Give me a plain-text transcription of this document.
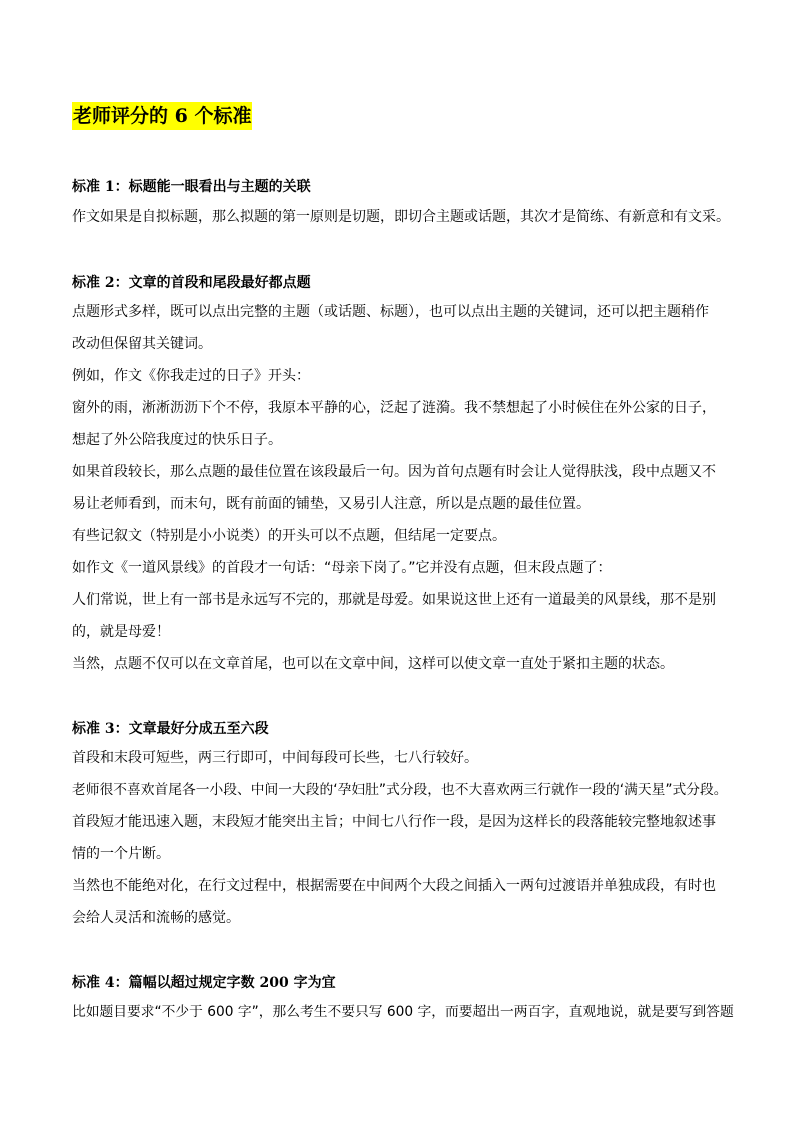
老师评分的 6 个标准
标准 1：标题能一眼看出与主题的关联
作文如果是自拟标题，那么拟题的第一原则是切题，即切合主题或话题，其次才是简练、有新意和有文采。
标准 2：文章的首段和尾段最好都点题
点题形式多样，既可以点出完整的主题（或话题、标题），也可以点出主题的关键词，还可以把主题稍作
改动但保留其关键词。
例如，作文《你我走过的日子》开头：
窗外的雨，淅淅沥沥下个不停，我原本平静的心，泛起了涟漪。我不禁想起了小时候住在外公家的日子，
想起了外公陪我度过的快乐日子。
如果首段较长，那么点题的最佳位置在该段最后一句。因为首句点题有时会让人觉得肤浅，段中点题又不
易让老师看到，而末句，既有前面的铺垫，又易引人注意，所以是点题的最佳位置。
有些记叙文（特别是小小说类）的开头可以不点题，但结尾一定要点。
如作文《一道风景线》的首段才一句话：“母亲下岗了。”它并没有点题，但末段点题了：
人们常说，世上有一部书是永远写不完的，那就是母爱。如果说这世上还有一道最美的风景线，那不是别
的，就是母爱！
当然，点题不仅可以在文章首尾，也可以在文章中间，这样可以使文章一直处于紧扣主题的状态。
标准 3：文章最好分成五至六段
首段和末段可短些，两三行即可，中间每段可长些，七八行较好。
老师很不喜欢首尾各一小段、中间一大段的‘孕妇肚”式分段，也不大喜欢两三行就作一段的‘满天星”式分段。
首段短才能迅速入题，末段短才能突出主旨；中间七八行作一段，是因为这样长的段落能较完整地叙述事
情的一个片断。
当然也不能绝对化，在行文过程中，根据需要在中间两个大段之间插入一两句过渡语并单独成段，有时也
会给人灵活和流畅的感觉。
标准 4：篇幅以超过规定字数 200 字为宜
比如题目要求“不少于 600 字”，那么考生不要只写 600 字，而要超出一两百字，直观地说，就是要写到答题
